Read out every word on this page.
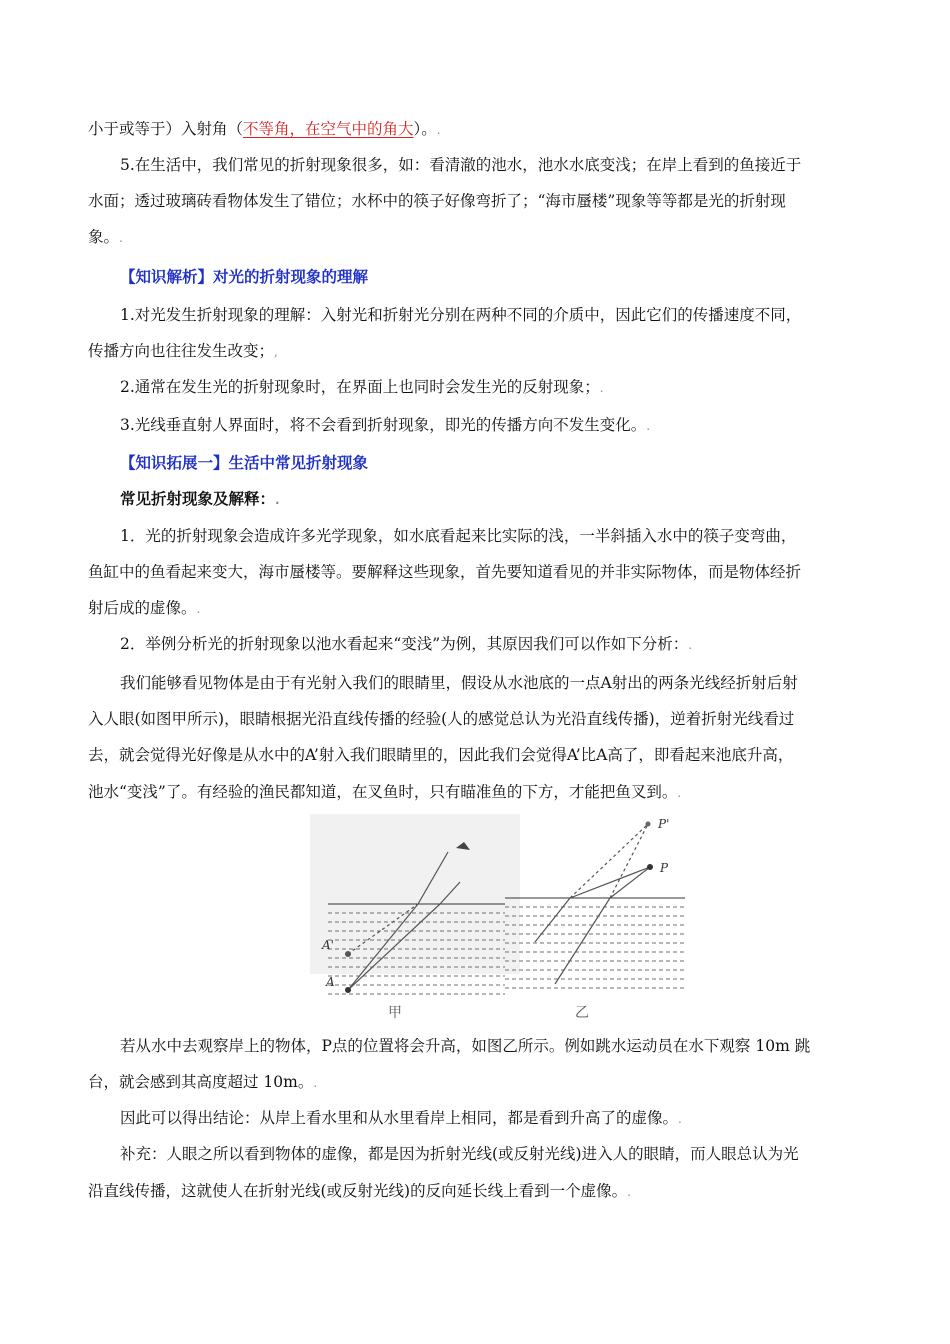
小于或等于）入射角（不等角，在空气中的角大）。.
5.在生活中，我们常见的折射现象很多，如：看清澈的池水，池水水底变浅；在岸上看到的鱼接近于
水面；透过玻璃砖看物体发生了错位；水杯中的筷子好像弯折了；“海市蜃楼”现象等等都是光的折射现
象。.
【知识解析】对光的折射现象的理解
1.对光发生折射现象的理解：入射光和折射光分别在两种不同的介质中，因此它们的传播速度不同，
传播方向也往往发生改变；,
2.通常在发生光的折射现象时，在界面上也同时会发生光的反射现象；.
3.光线垂直射人界面时，将不会看到折射现象，即光的传播方向不发生变化。.
【知识拓展一】生活中常见折射现象
常见折射现象及解释：.
1．光的折射现象会造成许多光学现象，如水底看起来比实际的浅，一半斜插入水中的筷子变弯曲，
鱼缸中的鱼看起来变大，海市蜃楼等。要解释这些现象，首先要知道看见的并非实际物体，而是物体经折
射后成的虚像。.
2．举例分析光的折射现象以池水看起来“变浅”为例，其原因我们可以作如下分析：.
我们能够看见物体是由于有光射入我们的眼睛里，假设从水池底的一点A射出的两条光线经折射后射
入人眼(如图甲所示)，眼睛根据光沿直线传播的经验(人的感觉总认为光沿直线传播)，逆着折射光线看过
去，就会觉得光好像是从水中的A’射入我们眼睛里的，因此我们会觉得A’比A高了，即看起来池底升高，
池水“变浅”了。有经验的渔民都知道，在叉鱼时，只有瞄准鱼的下方，才能把鱼叉到。.
A'
A
甲
P'
P
乙
若从水中去观察岸上的物体，P点的位置将会升高，如图乙所示。例如跳水运动员在水下观察 10m 跳
台，就会感到其高度超过 10m。.
因此可以得出结论：从岸上看水里和从水里看岸上相同，都是看到升高了的虚像。.
补充：人眼之所以看到物体的虚像，都是因为折射光线(或反射光线)进入人的眼睛，而人眼总认为光
沿直线传播，这就使人在折射光线(或反射光线)的反向延长线上看到一个虚像。.
